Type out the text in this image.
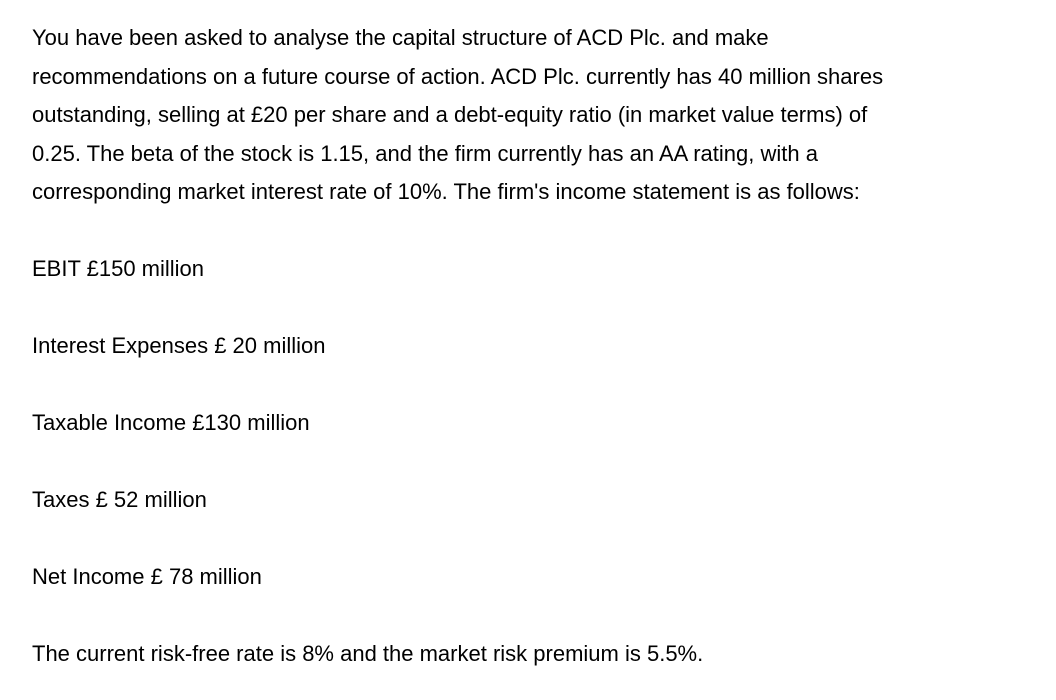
You have been asked to analyse the capital structure of ACD Plc. and make
recommendations on a future course of action. ACD Plc. currently has 40 million shares
outstanding, selling at £20 per share and a debt-equity ratio (in market value terms) of
0.25. The beta of the stock is 1.15, and the firm currently has an AA rating, with a
corresponding market interest rate of 10%. The firm's income statement is as follows:

EBIT £150 million

Interest Expenses £ 20 million

Taxable Income £130 million

Taxes £ 52 million

Net Income £ 78 million

The current risk-free rate is 8% and the market risk premium is 5.5%.
